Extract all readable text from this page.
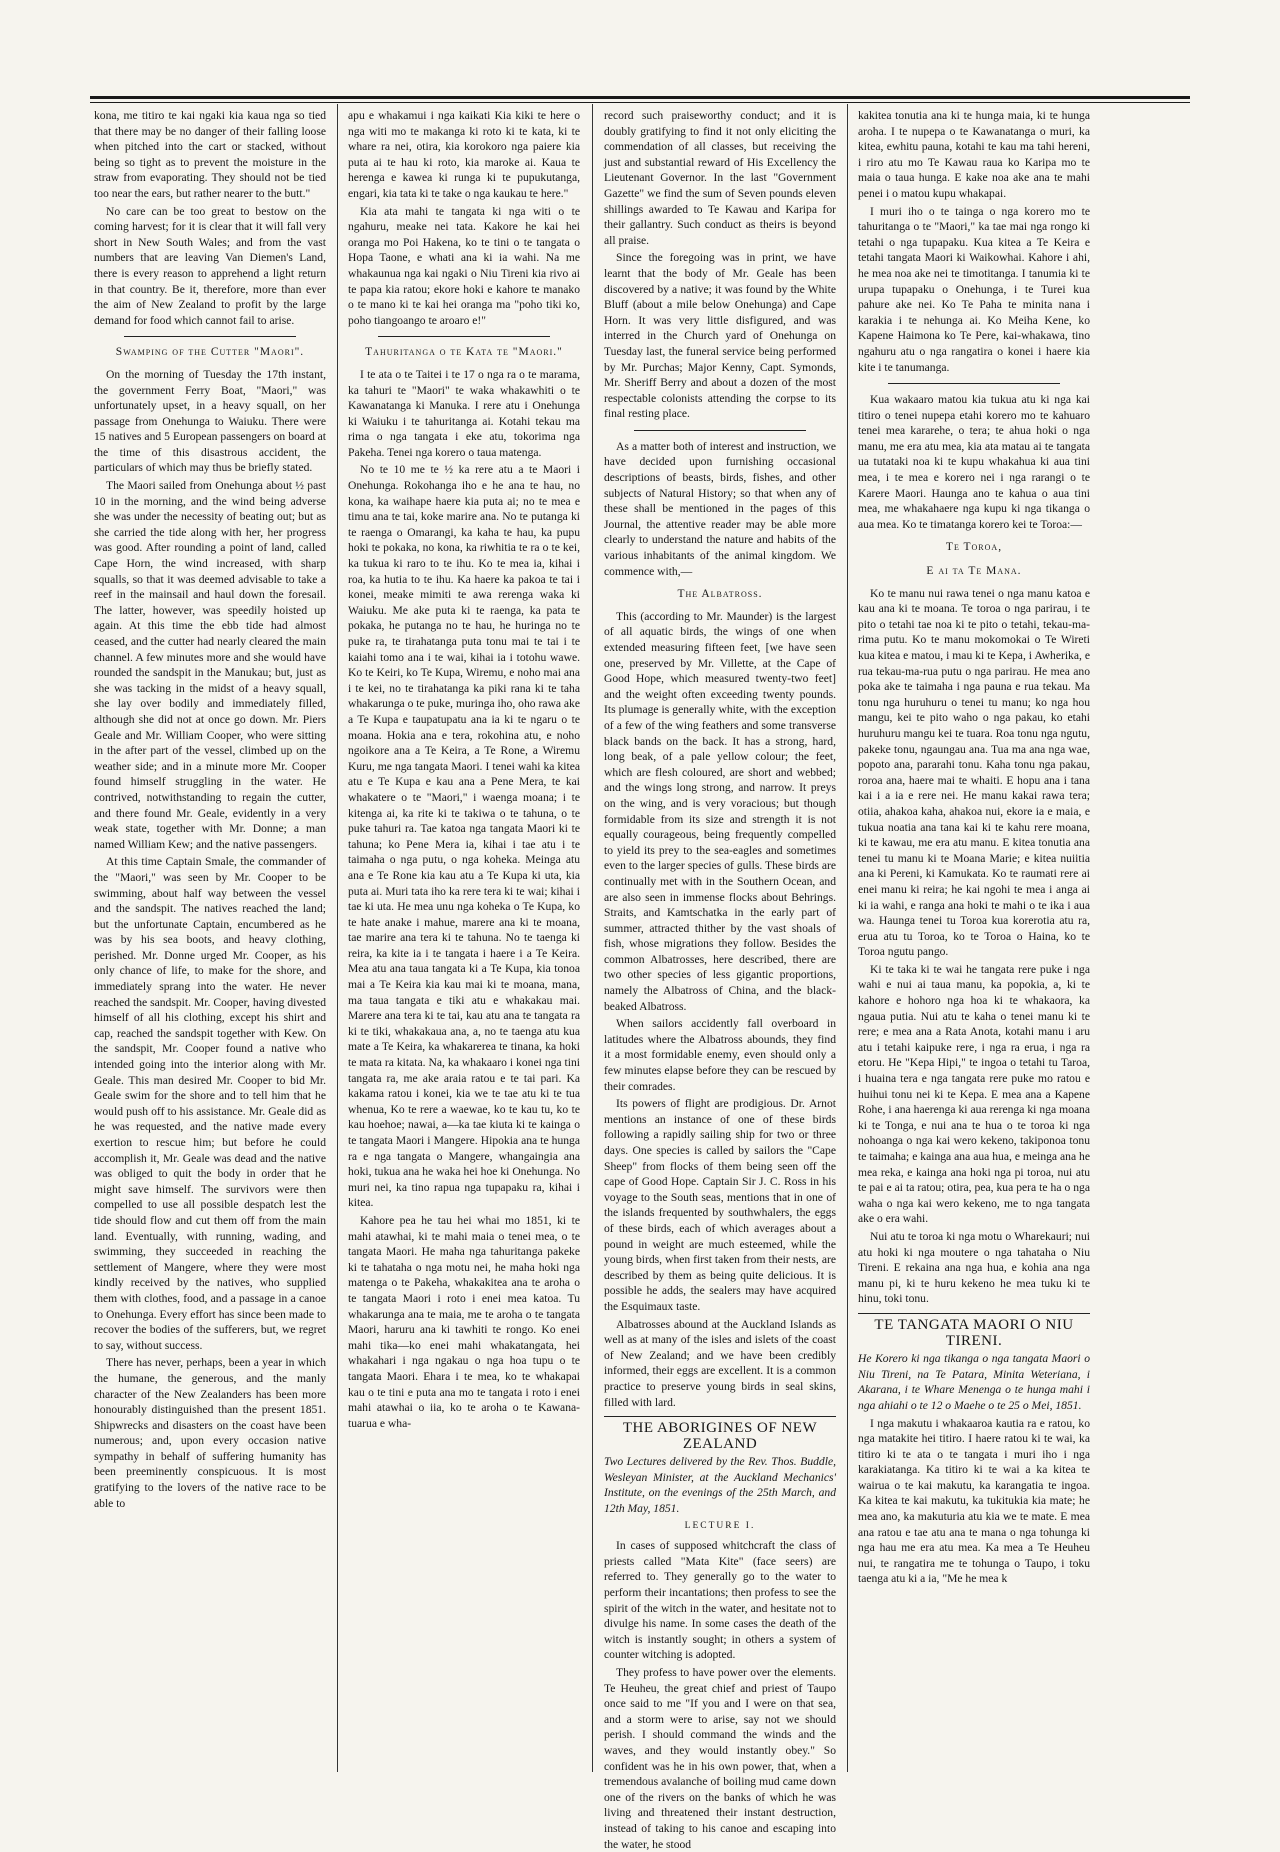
kona, me titiro te kai ngaki kia kaua nga so tied that there may be no danger of their falling loose when pitched into the cart or stacked, without being so tight as to prevent the moisture in the straw from evaporating. They should not be tied too near the ears, but rather nearer to the butt."

No care can be too great to bestow on the coming harvest; for it is clear that it will fall very short in New South Wales; and from the vast numbers that are leaving Van Diemen's Land, there is every reason to apprehend a light return in that country. Be it, therefore, more than ever the aim of New Zealand to profit by the large demand for food which cannot fail to arise.

Swamping of the Cutter "Maori".

On the morning of Tuesday the 17th instant, the government Ferry Boat, "Maori," was unfortunately upset, in a heavy squall, on her passage from Onehunga to Waiuku. There were 15 natives and 5 European passengers on board at the time of this disastrous accident, the particulars of which may thus be briefly stated.

The Maori sailed from Onehunga about ½ past 10 in the morning, and the wind being adverse she was under the necessity of beating out; but as she carried the tide along with her, her progress was good. After rounding a point of land, called Cape Horn, the wind increased, with sharp squalls, so that it was deemed advisable to take a reef in the mainsail and haul down the foresail. The latter, however, was speedily hoisted up again. At this time the ebb tide had almost ceased, and the cutter had nearly cleared the main channel. A few minutes more and she would have rounded the sandspit in the Manukau; but, just as she was tacking in the midst of a heavy squall, she lay over bodily and immediately filled, although she did not at once go down. Mr. Piers Geale and Mr. William Cooper, who were sitting in the after part of the vessel, climbed up on the weather side; and in a minute more Mr. Cooper found himself struggling in the water. He contrived, notwithstanding to regain the cutter, and there found Mr. Geale, evidently in a very weak state, together with Mr. Donne; a man named William Kew; and the native passengers.

At this time Captain Smale, the commander of the "Maori," was seen by Mr. Cooper to be swimming, about half way between the vessel and the sandspit. The natives reached the land; but the unfortunate Captain, encumbered as he was by his sea boots, and heavy clothing, perished. Mr. Donne urged Mr. Cooper, as his only chance of life, to make for the shore, and immediately sprang into the water. He never reached the sandspit. Mr. Cooper, having divested himself of all his clothing, except his shirt and cap, reached the sandspit together with Kew. On the sandspit, Mr. Cooper found a native who intended going into the interior along with Mr. Geale. This man desired Mr. Cooper to bid Mr. Geale swim for the shore and to tell him that he would push off to his assistance. Mr. Geale did as he was requested, and the native made every exertion to rescue him; but before he could accomplish it, Mr. Geale was dead and the native was obliged to quit the body in order that he might save himself. The survivors were then compelled to use all possible despatch lest the tide should flow and cut them off from the main land. Eventually, with running, wading, and swimming, they succeeded in reaching the settlement of Mangere, where they were most kindly received by the natives, who supplied them with clothes, food, and a passage in a canoe to Onehunga. Every effort has since been made to recover the bodies of the sufferers, but, we regret to say, without success.

There has never, perhaps, been a year in which the humane, the generous, and the manly character of the New Zealanders has been more honourably distinguished than the present 1851. Shipwrecks and disasters on the coast have been numerous; and, upon every occasion native sympathy in behalf of suffering humanity has been preeminently conspicuous. It is most gratifying to the lovers of the native race to be able to

apu e whakamui i nga kaikati Kia kiki te here o nga witi mo te makanga ki roto ki te kata, ki te whare ra nei, otira, kia korokoro nga paiere kia puta ai te hau ki roto, kia maroke ai. Kaua te herenga e kawea ki runga ki te pupukutanga, engari, kia tata ki te take o nga kaukau te here."

Kia ata mahi te tangata ki nga witi o te ngahuru, meake nei tata. Kakore he kai hei oranga mo Poi Hakena, ko te tini o te tangata o Hopa Taone, e whati ana ki ia wahi. Na me whakaunua nga kai ngaki o Niu Tireni kia rivo ai te papa kia ratou; ekore hoki e kahore te manako o te mano ki te kai hei oranga ma "poho tiki ko, poho tiangoango te aroaro e!"

Tahuritanga o te Kata te "Maori."

I te ata o te Taitei i te 17 o nga ra o te marama, ka tahuri te "Maori" te waka whakawhiti o te Kawanatanga ki Manuka. I rere atu i Onehunga ki Waiuku i te tahuritanga ai. Kotahi tekau ma rima o nga tangata i eke atu, tokorima nga Pakeha. Tenei nga korero o taua matenga.

No te 10 me te ½ ka rere atu a te Maori i Onehunga. Rokohanga iho e he ana te hau, no kona, ka waihape haere kia puta ai; no te mea e timu ana te tai, koke marire ana. No te putanga ki te raenga o Omarangi, ka kaha te hau, ka pupu hoki te pokaka, no kona, ka riwhitia te ra o te kei, ka tukua ki raro to te ihu. Ko te mea ia, kihai i roa, ka hutia to te ihu. Ka haere ka pakoa te tai i konei, meake mimiti te awa rerenga waka ki Waiuku. Me ake puta ki te raenga, ka pata te pokaka, he putanga no te hau, he huringa no te puke ra, te tirahatanga puta tonu mai te tai i te kaiahi tomo ana i te wai, kihai ia i totohu wawe. Ko te Keiri, ko Te Kupa, Wiremu, e noho mai ana i te kei, no te tirahatanga ka piki rana ki te taha whakarunga o te puke, muringa iho, oho rawa ake a Te Kupa e taupatupatu ana ia ki te ngaru o te moana. Hokia ana e tera, rokohina atu, e noho ngoikore ana a Te Keira, a Te Rone, a Wiremu Kuru, me nga tangata Maori. I tenei wahi ka kitea atu e Te Kupa e kau ana a Pene Mera, te kai whakatere o te "Maori," i waenga moana; i te kitenga ai, ka rite ki te takiwa o te tahuna, o te puke tahuri ra. Tae katoa nga tangata Maori ki te tahuna; ko Pene Mera ia, kihai i tae atu i te taimaha o nga putu, o nga koheka. Meinga atu ana e Te Rone kia kau atu a Te Kupa ki uta, kia puta ai. Muri tata iho ka rere tera ki te wai; kihai i tae ki uta. He mea unu nga koheka o Te Kupa, ko te hate anake i mahue, marere ana ki te moana, tae marire ana tera ki te tahuna. No te taenga ki reira, ka kite ia i te tangata i haere i a Te Keira. Mea atu ana taua tangata ki a Te Kupa, kia tonoa mai a Te Keira kia kau mai ki te moana, mana, ma taua tangata e tiki atu e whakakau mai. Marere ana tera ki te tai, kau atu ana te tangata ra ki te tiki, whakakaua ana, a, no te taenga atu kua mate a Te Keira, ka whakarerea te tinana, ka hoki te mata ra kitata. Na, ka whakaaro i konei nga tini tangata ra, me ake araia ratou e te tai pari. Ka kakama ratou i konei, kia we te tae atu ki te tua whenua, Ko te rere a waewae, ko te kau tu, ko te kau hoehoe; nawai, a—ka tae kiuta ki te kainga o te tangata Maori i Mangere. Hipokia ana te hunga ra e nga tangata o Mangere, whangaingia ana hoki, tukua ana he waka hei hoe ki Onehunga. No muri nei, ka tino rapua nga tupapaku ra, kihai i kitea.

Kahore pea he tau hei whai mo 1851, ki te mahi atawhai, ki te mahi maia o tenei mea, o te tangata Maori. He maha nga tahuritanga pakeke ki te tahataha o nga motu nei, he maha hoki nga matenga o te Pakeha, whakakitea ana te aroha o te tangata Maori i roto i enei mea katoa. Tu whakarunga ana te maia, me te aroha o te tangata Maori, haruru ana ki tawhiti te rongo. Ko enei mahi tika—ko enei mahi whakatangata, hei whakahari i nga ngakau o nga hoa tupu o te tangata Maori. Ehara i te mea, ko te whakapai kau o te tini e puta ana mo te tangata i roto i enei mahi atawhai o iia, ko te aroha o te Kawana-tuarua e wha-

record such praiseworthy conduct; and it is doubly gratifying to find it not only eliciting the commendation of all classes, but receiving the just and substantial reward of His Excellency the Lieutenant Governor. In the last "Government Gazette" we find the sum of Seven pounds eleven shillings awarded to Te Kawau and Karipa for their gallantry. Such conduct as theirs is beyond all praise.

Since the foregoing was in print, we have learnt that the body of Mr. Geale has been discovered by a native; it was found by the White Bluff (about a mile below Onehunga) and Cape Horn. It was very little disfigured, and was interred in the Church yard of Onehunga on Tuesday last, the funeral service being performed by Mr. Purchas; Major Kenny, Capt. Symonds, Mr. Sheriff Berry and about a dozen of the most respectable colonists attending the corpse to its final resting place.

As a matter both of interest and instruction, we have decided upon furnishing occasional descriptions of beasts, birds, fishes, and other subjects of Natural History; so that when any of these shall be mentioned in the pages of this Journal, the attentive reader may be able more clearly to understand the nature and habits of the various inhabitants of the animal kingdom. We commence with,—

The Albatross.

This (according to Mr. Maunder) is the largest of all aquatic birds, the wings of one when extended measuring fifteen feet, [we have seen one, preserved by Mr. Villette, at the Cape of Good Hope, which measured twenty-two feet] and the weight often exceeding twenty pounds. Its plumage is generally white, with the exception of a few of the wing feathers and some transverse black bands on the back. It has a strong, hard, long beak, of a pale yellow colour; the feet, which are flesh coloured, are short and webbed; and the wings long strong, and narrow. It preys on the wing, and is very voracious; but though formidable from its size and strength it is not equally courageous, being frequently compelled to yield its prey to the sea-eagles and sometimes even to the larger species of gulls. These birds are continually met with in the Southern Ocean, and are also seen in immense flocks about Behrings. Straits, and Kamtschatka in the early part of summer, attracted thither by the vast shoals of fish, whose migrations they follow. Besides the common Albatrosses, here described, there are two other species of less gigantic proportions, namely the Albatross of China, and the black-beaked Albatross.

When sailors accidently fall overboard in latitudes where the Albatross abounds, they find it a most formidable enemy, even should only a few minutes elapse before they can be rescued by their comrades.

Its powers of flight are prodigious. Dr. Arnot mentions an instance of one of these birds following a rapidly sailing ship for two or three days. One species is called by sailors the "Cape Sheep" from flocks of them being seen off the cape of Good Hope. Captain Sir J. C. Ross in his voyage to the South seas, mentions that in one of the islands frequented by southwhalers, the eggs of these birds, each of which averages about a pound in weight are much esteemed, while the young birds, when first taken from their nests, are described by them as being quite delicious. It is possible he adds, the sealers may have acquired the Esquimaux taste.

Albatrosses abound at the Auckland Islands as well as at many of the isles and islets of the coast of New Zealand; and we have been credibly informed, their eggs are excellent. It is a common practice to preserve young birds in seal skins, filled with lard.

THE ABORIGINES OF NEW ZEALAND

Two Lectures delivered by the Rev. Thos. Buddle, Wesleyan Minister, at the Auckland Mechanics' Institute, on the evenings of the 25th March, and 12th May, 1851.

LECTURE I.

In cases of supposed whitchcraft the class of priests called "Mata Kite" (face seers) are referred to. They generally go to the water to perform their incantations; then profess to see the spirit of the witch in the water, and hesitate not to divulge his name. In some cases the death of the witch is instantly sought; in others a system of counter witching is adopted.

They profess to have power over the elements. Te Heuheu, the great chief and priest of Taupo once said to me "If you and I were on that sea, and a storm were to arise, say not we should perish. I should command the winds and the waves, and they would instantly obey." So confident was he in his own power, that, when a tremendous avalanche of boiling mud came down one of the rivers on the banks of which he was living and threatened their instant destruction, instead of taking to his canoe and escaping into the water, he stood

kakitea tonutia ana ki te hunga maia, ki te hunga aroha. I te nupepa o te Kawanatanga o muri, ka kitea, ewhitu pauna, kotahi te kau ma tahi hereni, i riro atu mo Te Kawau raua ko Karipa mo te maia o taua hunga. E kake noa ake ana te mahi penei i o matou kupu whakapai.

I muri iho o te tainga o nga korero mo te tahuritanga o te "Maori," ka tae mai nga rongo ki tetahi o nga tupapaku. Kua kitea a Te Keira e tetahi tangata Maori ki Waikowhai. Kahore i ahi, he mea noa ake nei te timotitanga. I tanumia ki te urupa tupapaku o Onehunga, i te Turei kua pahure ake nei. Ko Te Paha te minita nana i karakia i te nehunga ai. Ko Meiha Kene, ko Kapene Haimona ko Te Pere, kai-whakawa, tino ngahuru atu o nga rangatira o konei i haere kia kite i te tanumanga.

Kua wakaaro matou kia tukua atu ki nga kai titiro o tenei nupepa etahi korero mo te kahuaro tenei mea kararehe, o tera; te ahua hoki o nga manu, me era atu mea, kia ata matau ai te tangata ua tutataki noa ki te kupu whakahua ki aua tini mea, i te mea e korero nei i nga rarangi o te Karere Maori. Haunga ano te kahua o aua tini mea, me whakahaere nga kupu ki nga tikanga o aua mea. Ko te timatanga korero kei te Toroa:—

Te Toroa,

E ai ta Te Mana.

Ko te manu nui rawa tenei o nga manu katoa e kau ana ki te moana. Te toroa o nga parirau, i te pito o tetahi tae noa ki te pito o tetahi, tekau-ma-rima putu. Ko te manu mokomokai o Te Wireti kua kitea e matou, i mau ki te Kepa, i Awherika, e rua tekau-ma-rua putu o nga parirau. He mea ano poka ake te taimaha i nga pauna e rua tekau. Ma tonu nga huruhuru o tenei tu manu; ko nga hou mangu, kei te pito waho o nga pakau, ko etahi huruhuru mangu kei te tuara. Roa tonu nga ngutu, pakeke tonu, ngaungau ana. Tua ma ana nga wae, popoto ana, pararahi tonu. Kaha tonu nga pakau, roroa ana, haere mai te whaiti. E hopu ana i tana kai i a ia e rere nei. He manu kakai rawa tera; otiia, ahakoa kaha, ahakoa nui, ekore ia e maia, e tukua noatia ana tana kai ki te kahu rere moana, ki te kawau, me era atu manu. E kitea tonutia ana tenei tu manu ki te Moana Marie; e kitea nuiitia ana ki Pereni, ki Kamukata. Ko te raumati rere ai enei manu ki reira; he kai ngohi te mea i anga ai ki ia wahi, e ranga ana hoki te mahi o te ika i aua wa. Haunga tenei tu Toroa kua korerotia atu ra, erua atu tu Toroa, ko te Toroa o Haina, ko te Toroa ngutu pango.

Ki te taka ki te wai he tangata rere puke i nga wahi e nui ai taua manu, ka popokia, a, ki te kahore e hohoro nga hoa ki te whakaora, ka ngaua putia. Nui atu te kaha o tenei manu ki te rere; e mea ana a Rata Anota, kotahi manu i aru atu i tetahi kaipuke rere, i nga ra erua, i nga ra etoru. He "Kepa Hipi," te ingoa o tetahi tu Taroa, i huaina tera e nga tangata rere puke mo ratou e huihui tonu nei ki te Kepa. E mea ana a Kapene Rohe, i ana haerenga ki aua rerenga ki nga moana ki te Tonga, e nui ana te hua o te toroa ki nga nohoanga o nga kai wero kekeno, takiponoa tonu te taimaha; e kainga ana aua hua, e meinga ana he mea reka, e kainga ana hoki nga pi toroa, nui atu te pai e ai ta ratou; otira, pea, kua pera te ha o nga waha o nga kai wero kekeno, me to nga tangata ake o era wahi.

Nui atu te toroa ki nga motu o Wharekauri; nui atu hoki ki nga moutere o nga tahataha o Niu Tireni. E rekaina ana nga hua, e kohia ana nga manu pi, ki te huru kekeno he mea tuku ki te hinu, toki tonu.

TE TANGATA MAORI O NIU TIRENI.

He Korero ki nga tikanga o nga tangata Maori o Niu Tireni, na Te Patara, Minita Weteriana, i Akarana, i te Whare Menenga o te hunga mahi i nga ahiahi o te 12 o Maehe o te 25 o Mei, 1851.

I nga makutu i whakaaroa kautia ra e ratou, ko nga matakite hei titiro. I haere ratou ki te wai, ka titiro ki te ata o te tangata i muri iho i nga karakiatanga. Ka titiro ki te wai a ka kitea te wairua o te kai makutu, ka karangatia te ingoa. Ka kitea te kai makutu, ka tukitukia kia mate; he mea ano, ka makuturia atu kia we te mate. E mea ana ratou e tae atu ana te mana o nga tohunga ki nga hau me era atu mea. Ka mea a Te Heuheu nui, te rangatira me te tohunga o Taupo, i toku taenga atu ki a ia, "Me he mea k
